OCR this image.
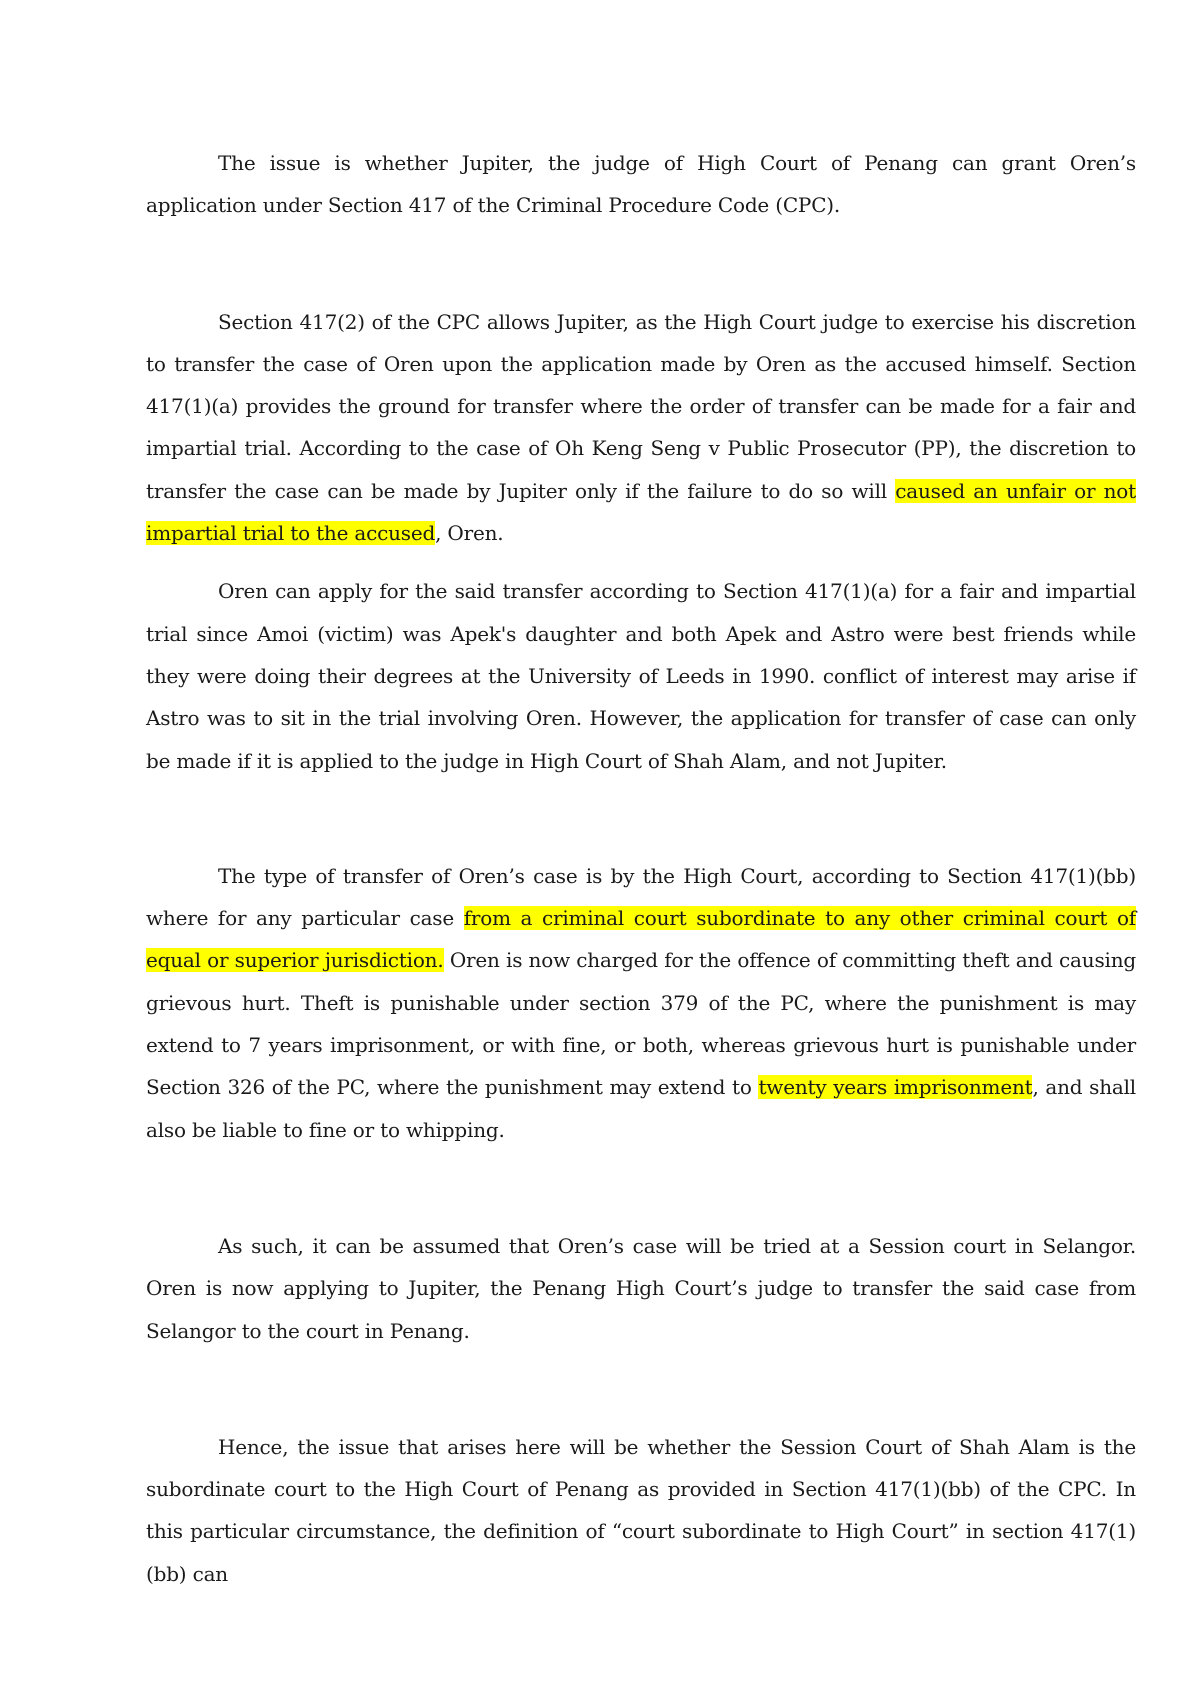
The issue is whether Jupiter, the judge of High Court of Penang can grant Oren’s application under Section 417 of the Criminal Procedure Code (CPC).

Section 417(2) of the CPC allows Jupiter, as the High Court judge to exercise his discretion to transfer the case of Oren upon the application made by Oren as the accused himself. Section 417(1)(a) provides the ground for transfer where the order of transfer can be made for a fair and impartial trial. According to the case of Oh Keng Seng v Public Prosecutor (PP), the discretion to transfer the case can be made by Jupiter only if the failure to do so will caused an unfair or not impartial trial to the accused, Oren.

Oren can apply for the said transfer according to Section 417(1)(a) for a fair and impartial trial since Amoi (victim) was Apek's daughter and both Apek and Astro were best friends while they were doing their degrees at the University of Leeds in 1990. conflict of interest may arise if Astro was to sit in the trial involving Oren. However, the application for transfer of case can only be made if it is applied to the judge in High Court of Shah Alam, and not Jupiter.

The type of transfer of Oren’s case is by the High Court, according to Section 417(1)(bb) where for any particular case from a criminal court subordinate to any other criminal court of equal or superior jurisdiction. Oren is now charged for the offence of committing theft and causing grievous hurt. Theft is punishable under section 379 of the PC, where the punishment is may extend to 7 years imprisonment, or with fine, or both, whereas grievous hurt is punishable under Section 326 of the PC, where the punishment may extend to twenty years imprisonment, and shall also be liable to fine or to whipping.

As such, it can be assumed that Oren’s case will be tried at a Session court in Selangor. Oren is now applying to Jupiter, the Penang High Court’s judge to transfer the said case from Selangor to the court in Penang.

Hence, the issue that arises here will be whether the Session Court of Shah Alam is the subordinate court to the High Court of Penang as provided in Section 417(1)(bb) of the CPC. In this particular circumstance, the definition of “court subordinate to High Court” in section 417(1)(bb) can
